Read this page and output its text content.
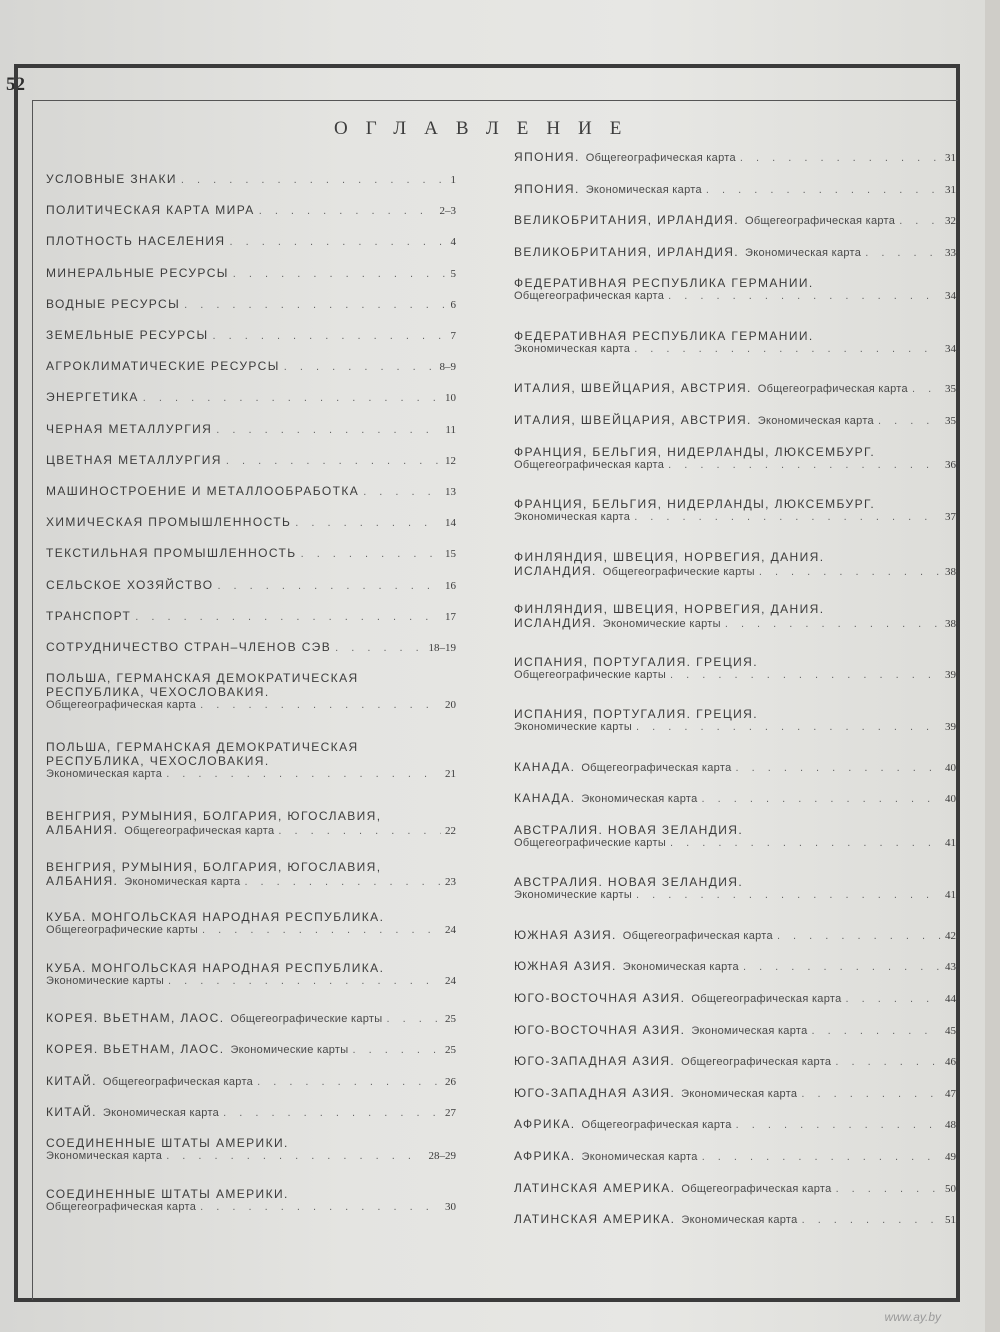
52
ОГЛАВЛЕНИЕ
УСЛОВНЫЕ ЗНАКИ . . .	1
ПОЛИТИЧЕСКАЯ КАРТА МИРА . . .	2–3
ПЛОТНОСТЬ НАСЕЛЕНИЯ . . .	4
МИНЕРАЛЬНЫЕ РЕСУРСЫ . . .	5
ВОДНЫЕ РЕСУРСЫ . . .	6
ЗЕМЕЛЬНЫЕ РЕСУРСЫ . . .	7
АГРОКЛИМАТИЧЕСКИЕ РЕСУРСЫ . . .	8–9
ЭНЕРГЕТИКА . . .	10
ЧЕРНАЯ МЕТАЛЛУРГИЯ . . .	11
ЦВЕТНАЯ МЕТАЛЛУРГИЯ . . .	12
МАШИНОСТРОЕНИЕ И МЕТАЛЛООБРАБОТКА . . .	13
ХИМИЧЕСКАЯ ПРОМЫШЛЕННОСТЬ . . .	14
ТЕКСТИЛЬНАЯ ПРОМЫШЛЕННОСТЬ . . .	15
СЕЛЬСКОЕ ХОЗЯЙСТВО . . .	16
ТРАНСПОРТ . . .	17
СОТРУДНИЧЕСТВО СТРАН–ЧЛЕНОВ СЭВ . . .	18–19
ПОЛЬША, ГЕРМАНСКАЯ ДЕМОКРАТИЧЕСКАЯ
РЕСПУБЛИКА, ЧЕХОСЛОВАКИЯ.
Общегеографическая карта . . .	20
ПОЛЬША, ГЕРМАНСКАЯ ДЕМОКРАТИЧЕСКАЯ
РЕСПУБЛИКА, ЧЕХОСЛОВАКИЯ.
Экономическая карта . . .	21
ВЕНГРИЯ, РУМЫНИЯ, БОЛГАРИЯ, ЮГОСЛАВИЯ,
АЛБАНИЯ. Общегеографическая карта . . .	22
ВЕНГРИЯ, РУМЫНИЯ, БОЛГАРИЯ, ЮГОСЛАВИЯ,
АЛБАНИЯ. Экономическая карта . . .	23
КУБА. МОНГОЛЬСКАЯ НАРОДНАЯ РЕСПУБЛИКА.
Общегеографические карты . . .	24
КУБА. МОНГОЛЬСКАЯ НАРОДНАЯ РЕСПУБЛИКА.
Экономические карты . . .	24
КОРЕЯ. ВЬЕТНАМ, ЛАОС. Общегеографические карты . . .	25
КОРЕЯ. ВЬЕТНАМ, ЛАОС. Экономические карты . . .	25
КИТАЙ. Общегеографическая карта . . .	26
КИТАЙ. Экономическая карта . . .	27
СОЕДИНЕННЫЕ ШТАТЫ АМЕРИКИ.
Экономическая карта . . .	28–29
СОЕДИНЕННЫЕ ШТАТЫ АМЕРИКИ.
Общегеографическая карта . . .	30
ЯПОНИЯ. Общегеографическая карта . . .	31
ЯПОНИЯ. Экономическая карта . . .	31
ВЕЛИКОБРИТАНИЯ, ИРЛАНДИЯ. Общегеографическая карта . . .	32
ВЕЛИКОБРИТАНИЯ, ИРЛАНДИЯ. Экономическая карта . . .	33
ФЕДЕРАТИВНАЯ РЕСПУБЛИКА ГЕРМАНИИ.
Общегеографическая карта . . .	34
ФЕДЕРАТИВНАЯ РЕСПУБЛИКА ГЕРМАНИИ.
Экономическая карта . . .	34
ИТАЛИЯ, ШВЕЙЦАРИЯ, АВСТРИЯ. Общегеографическая карта . . .	35
ИТАЛИЯ, ШВЕЙЦАРИЯ, АВСТРИЯ. Экономическая карта . . .	35
ФРАНЦИЯ, БЕЛЬГИЯ, НИДЕРЛАНДЫ, ЛЮКСЕМБУРГ.
Общегеографическая карта . . .	36
ФРАНЦИЯ, БЕЛЬГИЯ, НИДЕРЛАНДЫ, ЛЮКСЕМБУРГ.
Экономическая карта . . .	37
ФИНЛЯНДИЯ, ШВЕЦИЯ, НОРВЕГИЯ, ДАНИЯ.
ИСЛАНДИЯ. Общегеографические карты . . .	38
ФИНЛЯНДИЯ, ШВЕЦИЯ, НОРВЕГИЯ, ДАНИЯ.
ИСЛАНДИЯ. Экономические карты . . .	38
ИСПАНИЯ, ПОРТУГАЛИЯ. ГРЕЦИЯ.
Общегеографические карты . . .	39
ИСПАНИЯ, ПОРТУГАЛИЯ. ГРЕЦИЯ.
Экономические карты . . .	39
КАНАДА. Общегеографическая карта . . .	40
КАНАДА. Экономическая карта . . .	40
АВСТРАЛИЯ. НОВАЯ ЗЕЛАНДИЯ.
Общегеографические карты . . .	41
АВСТРАЛИЯ. НОВАЯ ЗЕЛАНДИЯ.
Экономические карты . . .	41
ЮЖНАЯ АЗИЯ. Общегеографическая карта . . .	42
ЮЖНАЯ АЗИЯ. Экономическая карта . . .	43
ЮГО-ВОСТОЧНАЯ АЗИЯ. Общегеографическая карта . . .	44
ЮГО-ВОСТОЧНАЯ АЗИЯ. Экономическая карта . . .	45
ЮГО-ЗАПАДНАЯ АЗИЯ. Общегеографическая карта . . .	46
ЮГО-ЗАПАДНАЯ АЗИЯ. Экономическая карта . . .	47
АФРИКА. Общегеографическая карта . . .	48
АФРИКА. Экономическая карта . . .	49
ЛАТИНСКАЯ АМЕРИКА. Общегеографическая карта . . .	50
ЛАТИНСКАЯ АМЕРИКА. Экономическая карта . . .	51
www.ay.by
